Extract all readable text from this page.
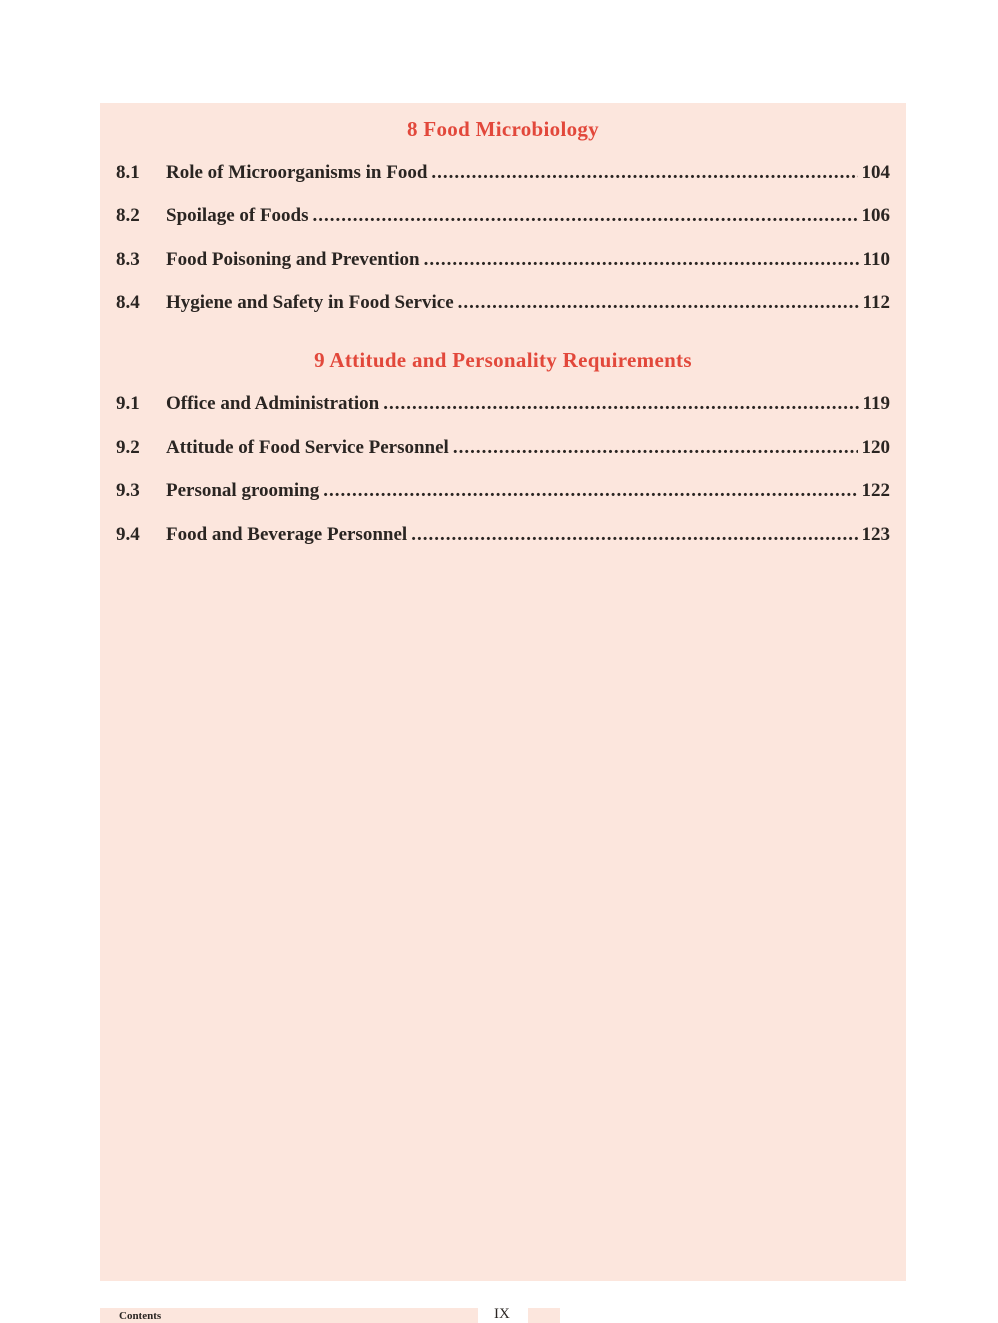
8 Food Microbiology
8.1	Role of Microorganisms in Food .....	104
8.2	Spoilage of Foods .....	106
8.3	Food Poisoning and Prevention .....	110
8.4	Hygiene and Safety in Food Service .....	112
9 Attitude and Personality Requirements
9.1	Office and Administration .....	119
9.2	Attitude of Food Service Personnel .....	120
9.3	Personal grooming .....	122
9.4	Food and Beverage Personnel .....	123
Contents	IX
